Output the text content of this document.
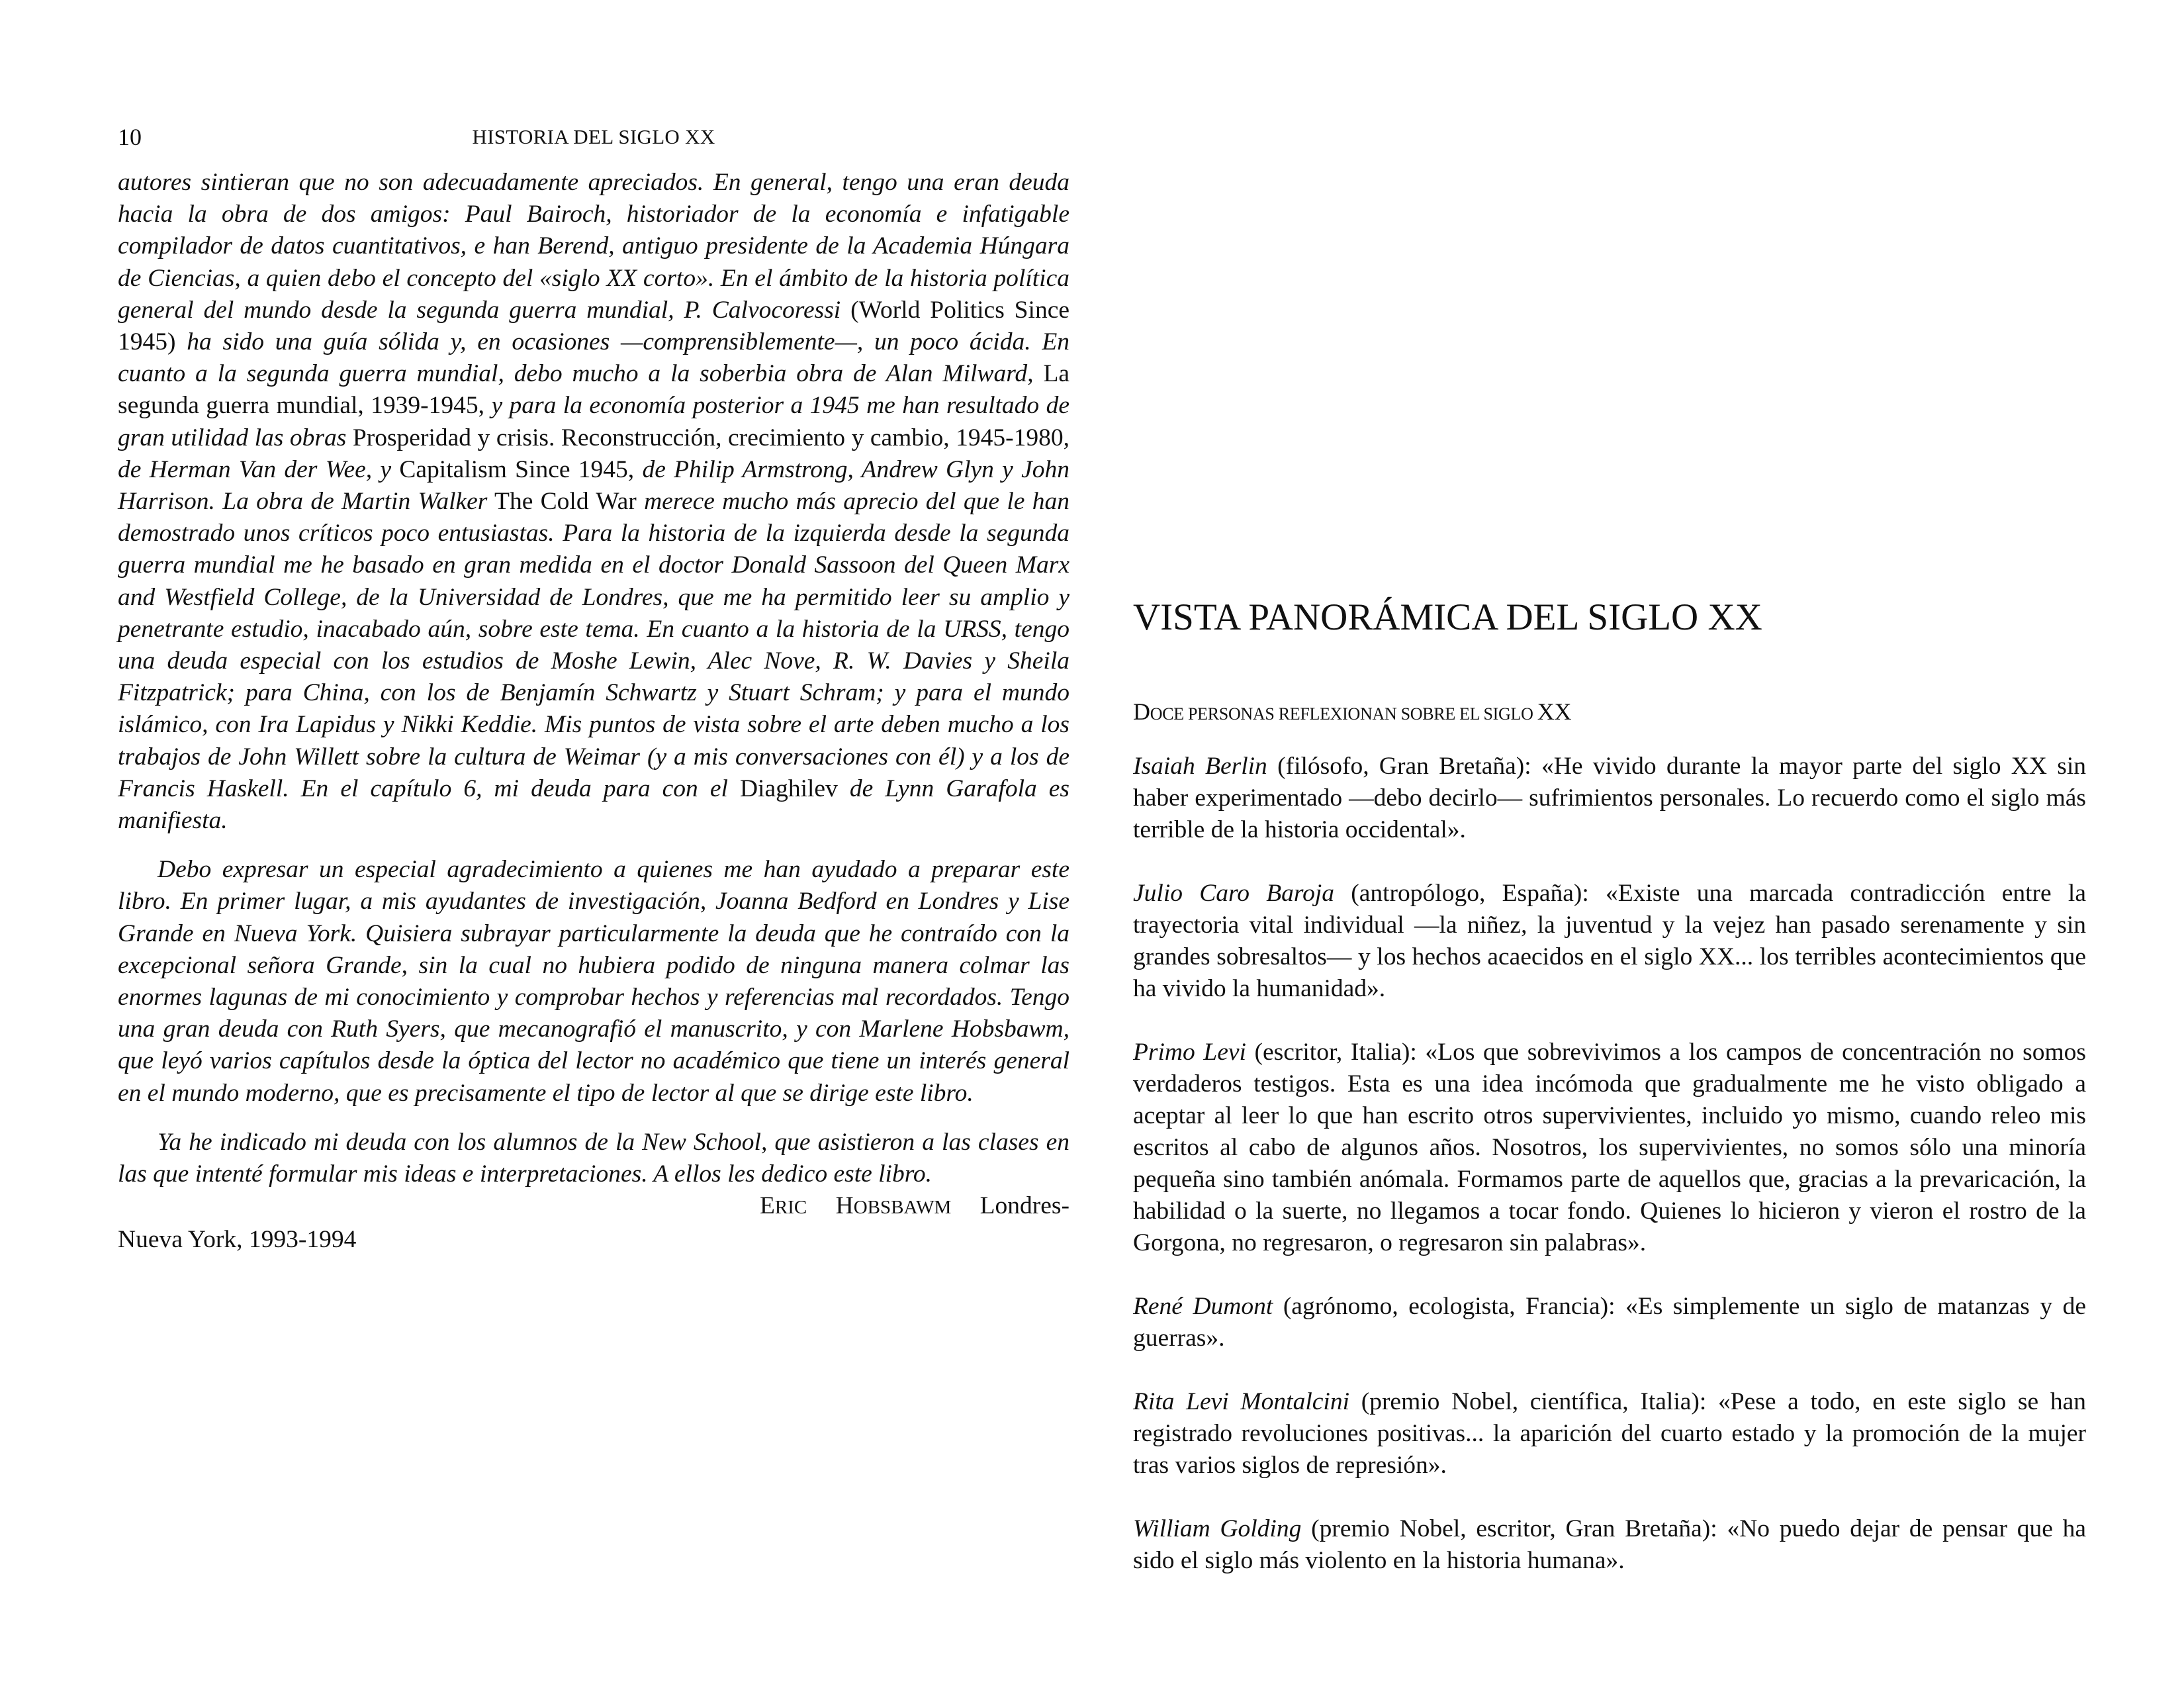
10	HISTORIA DEL SIGLO XX

autores sintieran que no son adecuadamente apreciados. En general, tengo una eran deuda hacia la obra de dos amigos: Paul Bairoch, historiador de la economía e infatigable compilador de datos cuantitativos, e han Berend, antiguo presidente de la Academia Húngara de Ciencias, a quien debo el concepto del «siglo XX corto». En el ámbito de la historia política general del mundo desde la segunda guerra mundial, P. Calvocoressi (World Politics Since 1945) ha sido una guía sólida y, en ocasiones —comprensiblemente—, un poco ácida. En cuanto a la segunda guerra mundial, debo mucho a la soberbia obra de Alan Milward, La segunda guerra mundial, 1939-1945, y para la economía posterior a 1945 me han resultado de gran utilidad las obras Prosperidad y crisis. Reconstrucción, crecimiento y cambio, 1945-1980, de Herman Van der Wee, y Capitalism Since 1945, de Philip Armstrong, Andrew Glyn y John Harrison. La obra de Martin Walker The Cold War merece mucho más aprecio del que le han demostrado unos críticos poco entusiastas. Para la historia de la izquierda desde la segunda guerra mundial me he basado en gran medida en el doctor Donald Sassoon del Queen Marx and Westfield College, de la Universidad de Londres, que me ha permitido leer su amplio y penetrante estudio, inacabado aún, sobre este tema. En cuanto a la historia de la URSS, tengo una deuda especial con los estudios de Moshe Lewin, Alec Nove, R. W. Davies y Sheila Fitzpatrick; para China, con los de Benjamín Schwartz y Stuart Schram; y para el mundo islámico, con Ira Lapidus y Nikki Keddie. Mis puntos de vista sobre el arte deben mucho a los trabajos de John Willett sobre la cultura de Weimar (y a mis conversaciones con él) y a los de Francis Haskell. En el capítulo 6, mi deuda para con el Diaghilev de Lynn Garafola es manifiesta.

Debo expresar un especial agradecimiento a quienes me han ayudado a preparar este libro. En primer lugar, a mis ayudantes de investigación, Joanna Bedford en Londres y Lise Grande en Nueva York. Quisiera subrayar particularmente la deuda que he contraído con la excepcional señora Grande, sin la cual no hubiera podido de ninguna manera colmar las enormes lagunas de mi conocimiento y comprobar hechos y referencias mal recordados. Tengo una gran deuda con Ruth Syers, que mecanografió el manuscrito, y con Marlene Hobsbawm, que leyó varios capítulos desde la óptica del lector no académico que tiene un interés general en el mundo moderno, que es precisamente el tipo de lector al que se dirige este libro.

Ya he indicado mi deuda con los alumnos de la New School, que asistieron a las clases en las que intenté formular mis ideas e interpretaciones. A ellos les dedico este libro.

ERIC HOBSBAWM Londres-

Nueva York, 1993-1994

VISTA PANORÁMICA DEL SIGLO XX
DOCE PERSONAS REFLEXIONAN SOBRE EL SIGLO XX

Isaiah Berlin (filósofo, Gran Bretaña): «He vivido durante la mayor parte del siglo XX sin haber experimentado —debo decirlo— sufrimientos personales. Lo recuerdo como el siglo más terrible de la historia occidental».

Julio Caro Baroja (antropólogo, España): «Existe una marcada contradicción entre la trayectoria vital individual —la niñez, la juventud y la vejez han pasado serenamente y sin grandes sobresaltos— y los hechos acaecidos en el siglo XX... los terribles acontecimientos que ha vivido la humanidad».

Primo Levi (escritor, Italia): «Los que sobrevivimos a los campos de concentración no somos verdaderos testigos. Esta es una idea incómoda que gradualmente me he visto obligado a aceptar al leer lo que han escrito otros supervivientes, incluido yo mismo, cuando releo mis escritos al cabo de algunos años. Nosotros, los supervivientes, no somos sólo una minoría pequeña sino también anómala. Formamos parte de aquellos que, gracias a la prevaricación, la habilidad o la suerte, no llegamos a tocar fondo. Quienes lo hicieron y vieron el rostro de la Gorgona, no regresaron, o regresaron sin palabras».

René Dumont (agrónomo, ecologista, Francia): «Es simplemente un siglo de matanzas y de guerras».

Rita Levi Montalcini (premio Nobel, científica, Italia): «Pese a todo, en este siglo se han registrado revoluciones positivas... la aparición del cuarto estado y la promoción de la mujer tras varios siglos de represión».

William Golding (premio Nobel, escritor, Gran Bretaña): «No puedo dejar de pensar que ha sido el siglo más violento en la historia humana».
